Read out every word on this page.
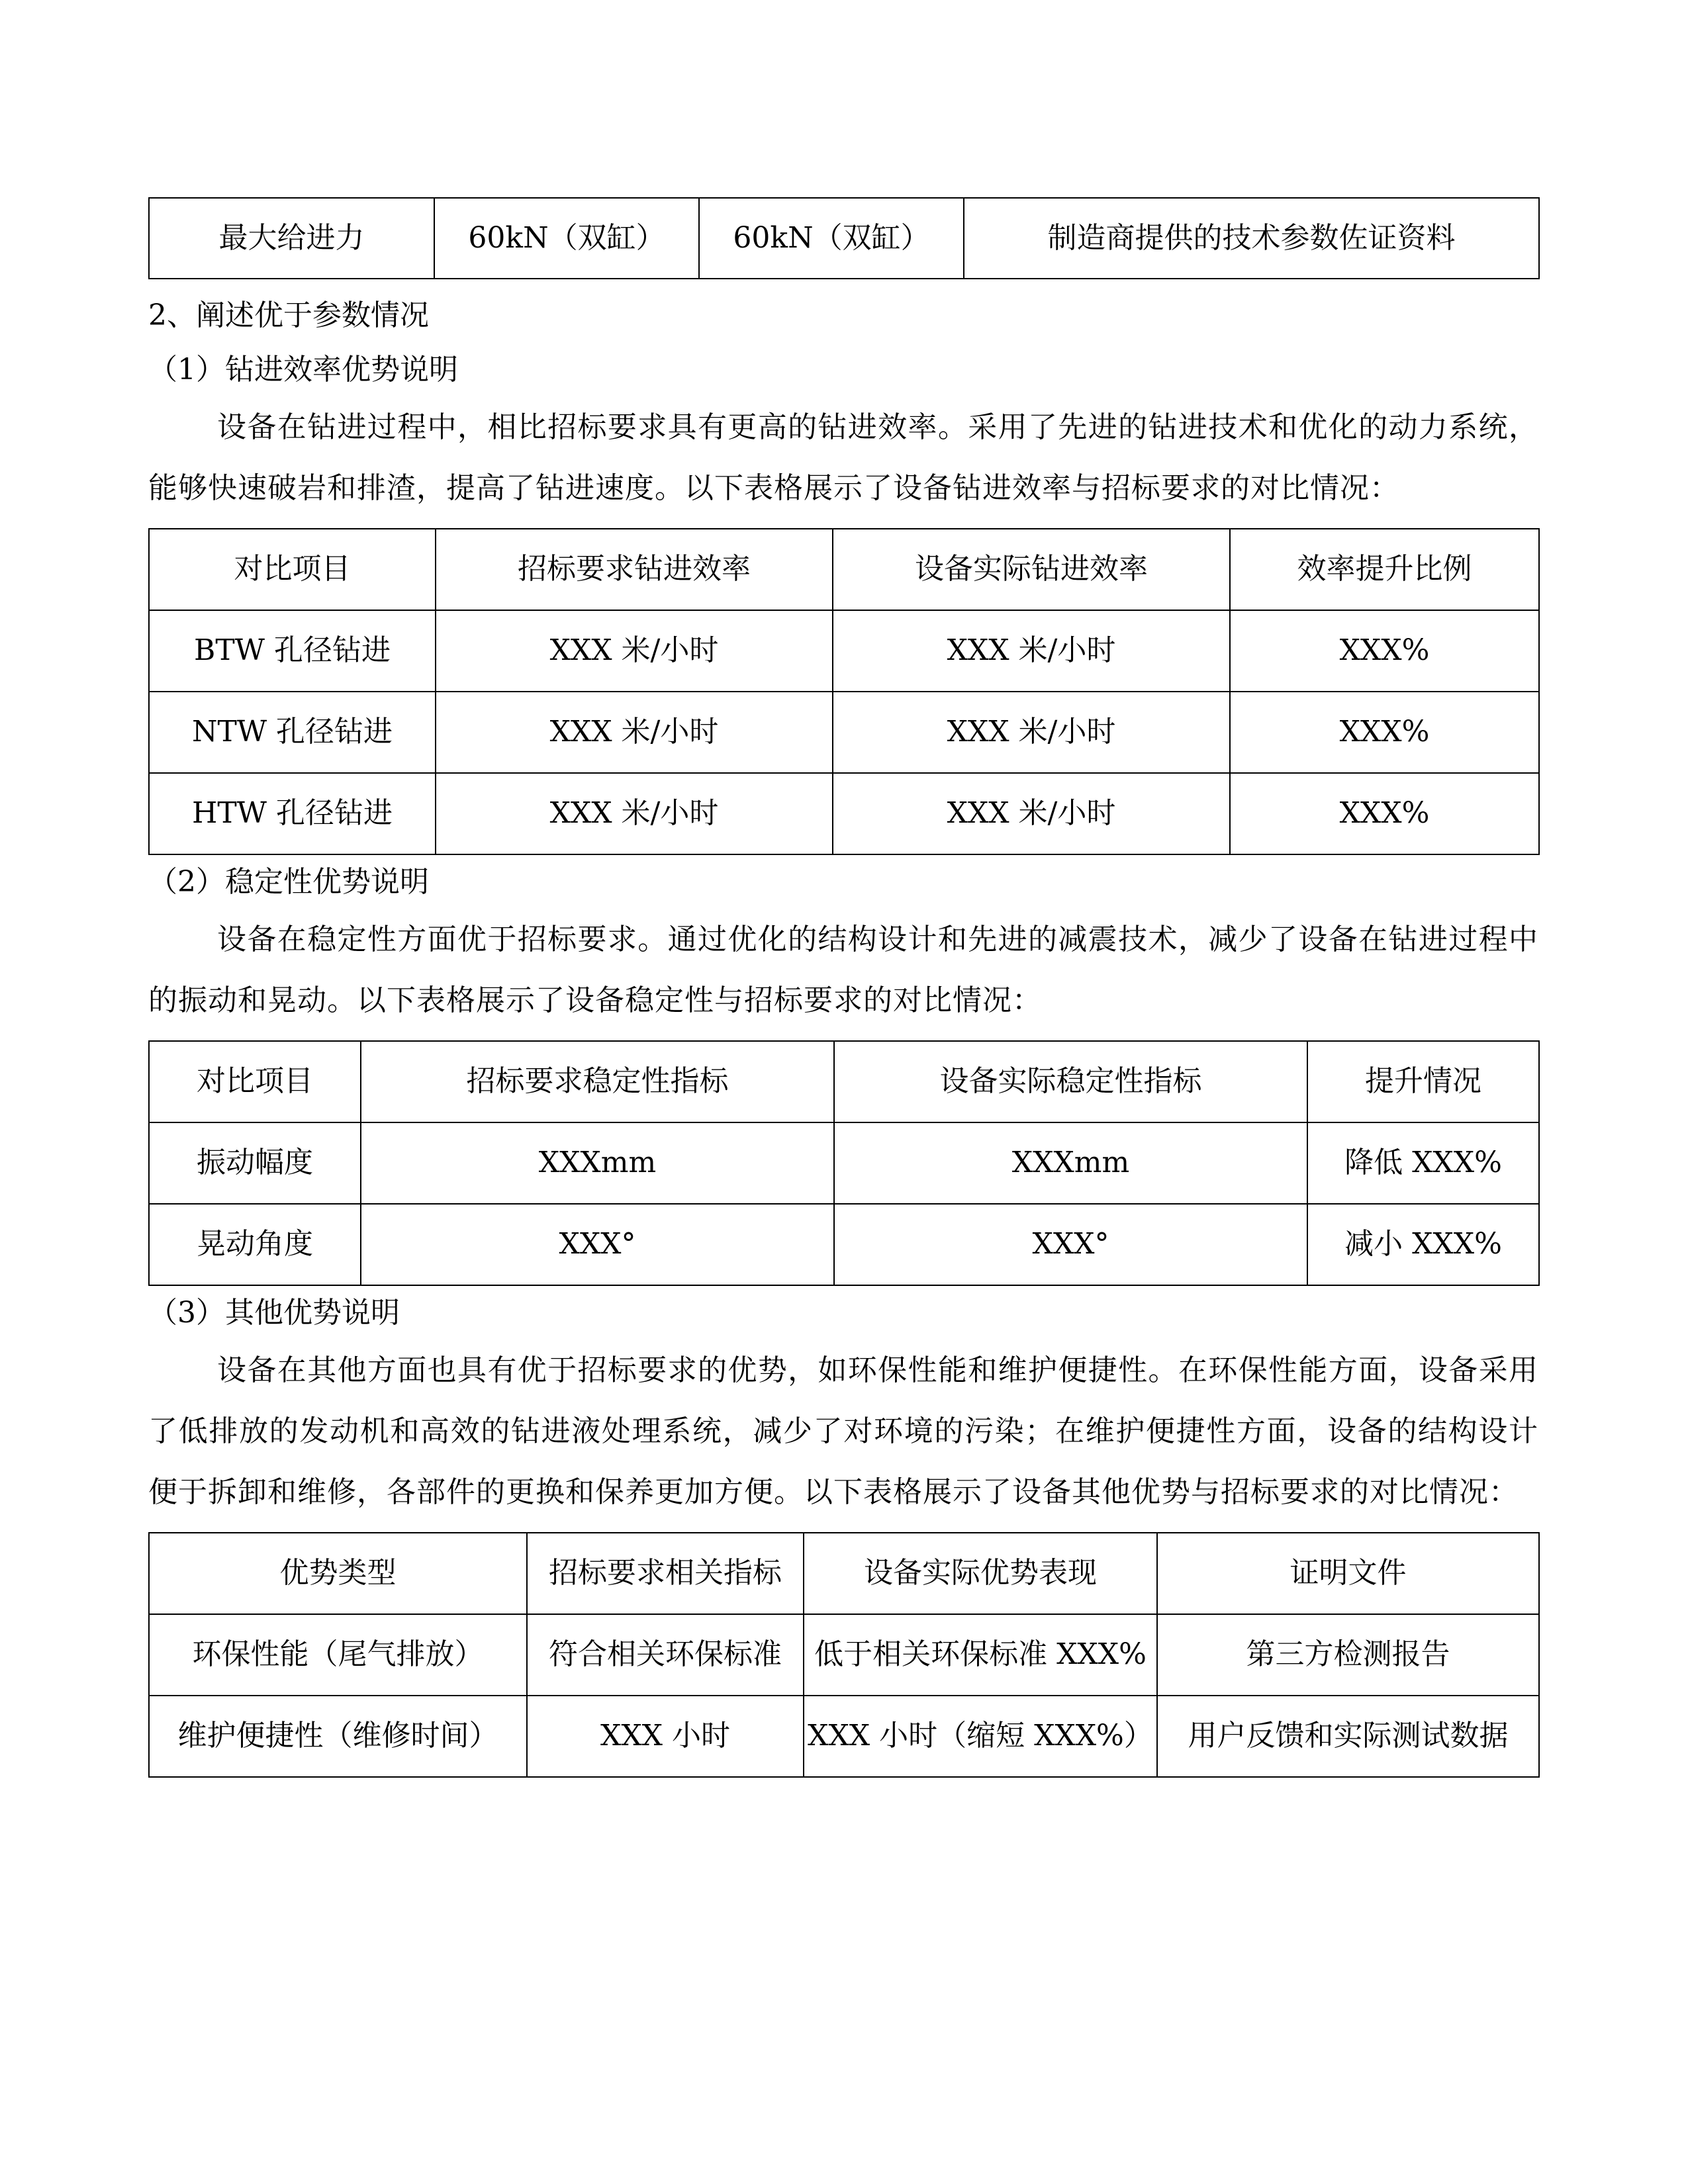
最大给进力	60kN（双缸）	60kN（双缸）	制造商提供的技术参数佐证资料
2、阐述优于参数情况
（1）钻进效率优势说明
设备在钻进过程中，相比招标要求具有更高的钻进效率。采用了先进的钻进技术和优化的动力系统，能够快速破岩和排渣，提高了钻进速度。以下表格展示了设备钻进效率与招标要求的对比情况：
对比项目	招标要求钻进效率	设备实际钻进效率	效率提升比例
BTW 孔径钻进	XXX 米/小时	XXX 米/小时	XXX%
NTW 孔径钻进	XXX 米/小时	XXX 米/小时	XXX%
HTW 孔径钻进	XXX 米/小时	XXX 米/小时	XXX%
（2）稳定性优势说明
设备在稳定性方面优于招标要求。通过优化的结构设计和先进的减震技术，减少了设备在钻进过程中的振动和晃动。以下表格展示了设备稳定性与招标要求的对比情况：
对比项目	招标要求稳定性指标	设备实际稳定性指标	提升情况
振动幅度	XXXmm	XXXmm	降低 XXX%
晃动角度	XXX°	XXX°	减小 XXX%
（3）其他优势说明
设备在其他方面也具有优于招标要求的优势，如环保性能和维护便捷性。在环保性能方面，设备采用了低排放的发动机和高效的钻进液处理系统，减少了对环境的污染；在维护便捷性方面，设备的结构设计便于拆卸和维修，各部件的更换和保养更加方便。以下表格展示了设备其他优势与招标要求的对比情况：
优势类型	招标要求相关指标	设备实际优势表现	证明文件
环保性能（尾气排放）	符合相关环保标准	低于相关环保标准 XXX%	第三方检测报告
维护便捷性（维修时间）	XXX 小时	XXX 小时（缩短 XXX%）	用户反馈和实际测试数据
